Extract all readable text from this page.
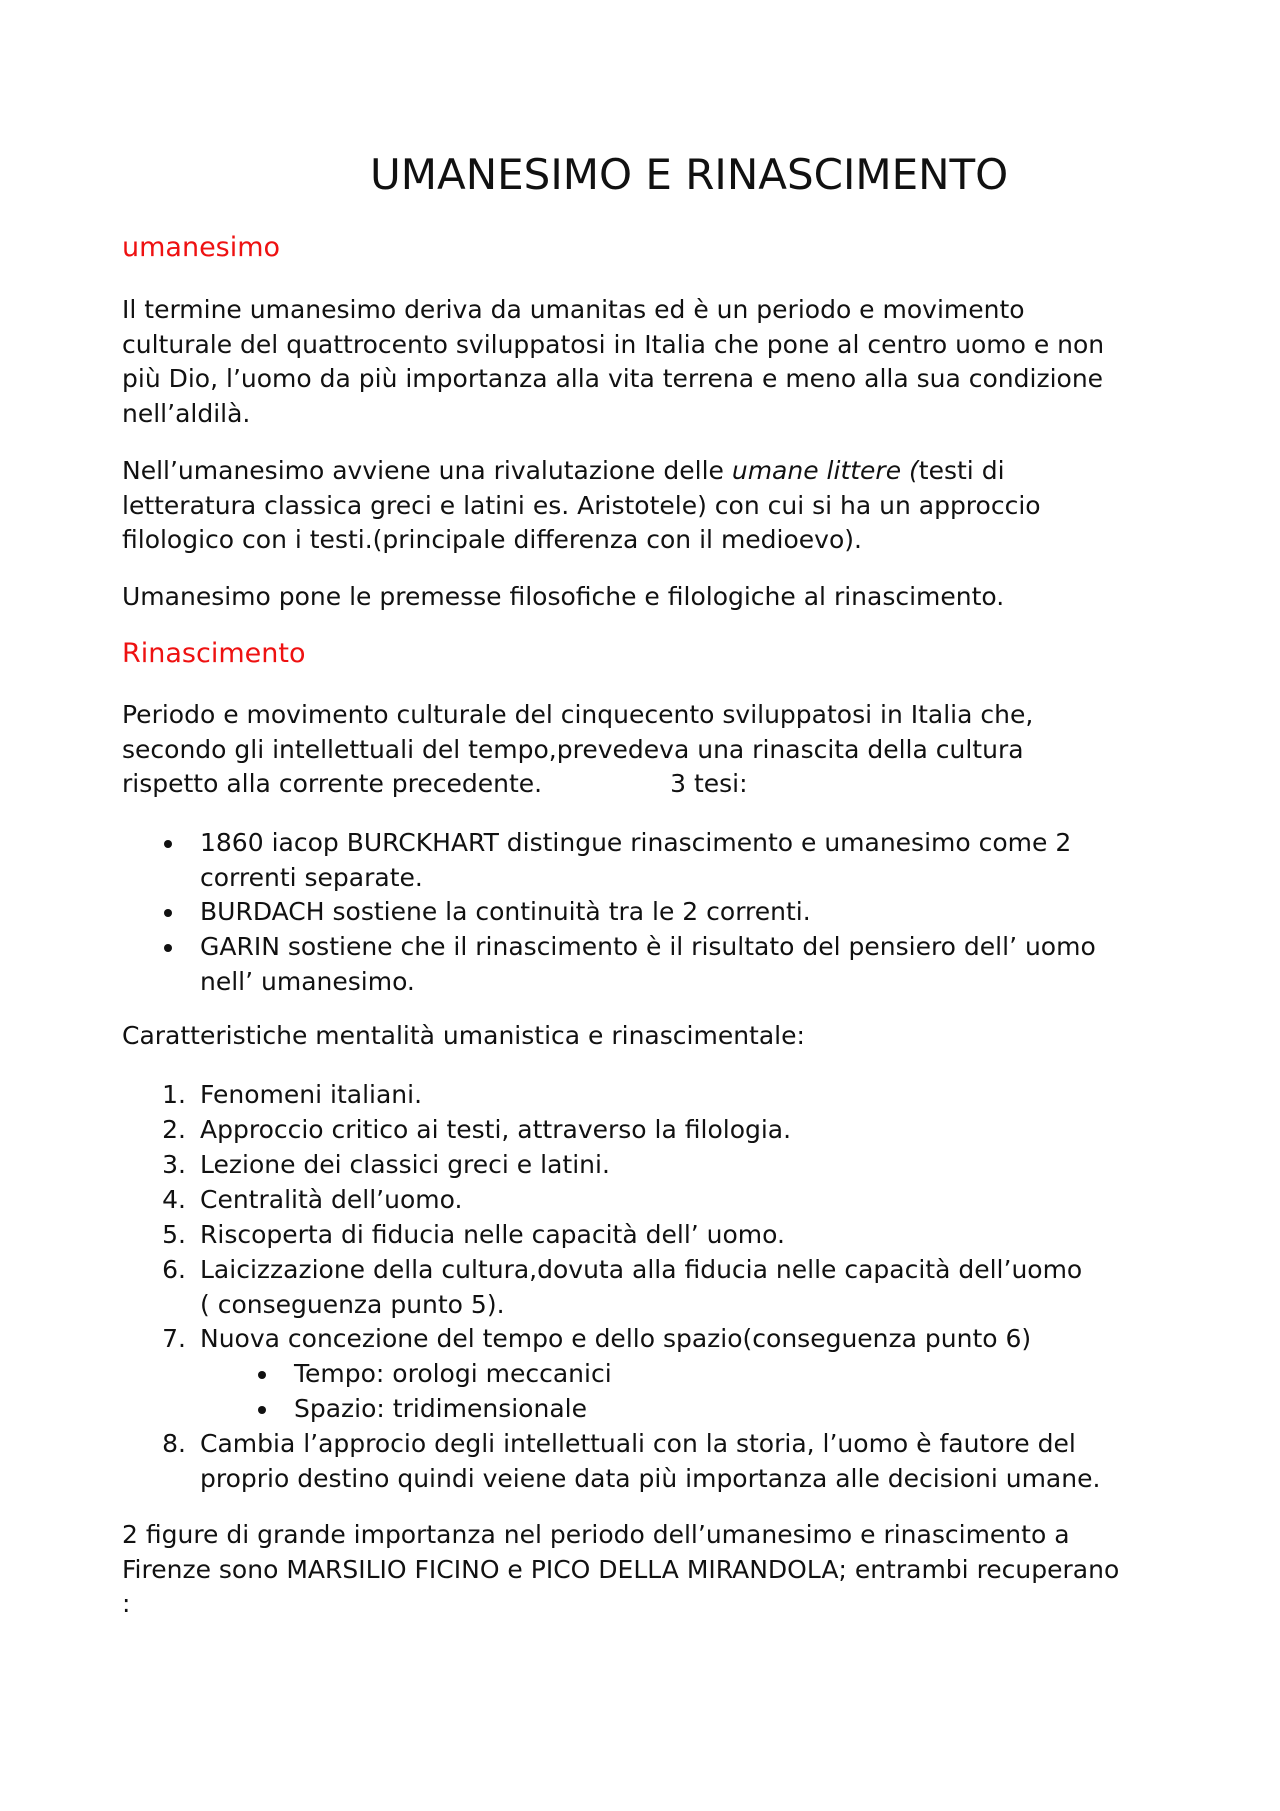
UMANESIMO E RINASCIMENTO
umanesimo
Il termine umanesimo deriva da umanitas ed è un periodo e movimento
culturale del quattrocento sviluppatosi in Italia che pone al centro uomo e non
più Dio, l’uomo da più importanza alla vita terrena e meno alla sua condizione
nell’aldilà.
Nell’umanesimo avviene una rivalutazione delle umane littere (testi di
letteratura classica greci e latini es. Aristotele) con cui si ha un approccio
filologico con i testi.(principale differenza con il medioevo).
Umanesimo pone le premesse filosofiche e filologiche al rinascimento.
Rinascimento
Periodo e movimento culturale del cinquecento sviluppatosi in Italia che,
secondo gli intellettuali del tempo,prevedeva una rinascita della cultura
rispetto alla corrente precedente.	3 tesi:
1860 iacop BURCKHART distingue rinascimento e umanesimo come 2
correnti separate.
BURDACH sostiene la continuità tra le 2 correnti.
GARIN sostiene che il rinascimento è il risultato del pensiero dell’ uomo
nell’ umanesimo.
Caratteristiche mentalità umanistica e rinascimentale:
1. Fenomeni italiani.
2. Approccio critico ai testi, attraverso la filologia.
3. Lezione dei classici greci e latini.
4. Centralità dell’uomo.
5. Riscoperta di fiducia nelle capacità dell’ uomo.
6. Laicizzazione della cultura,dovuta alla fiducia nelle capacità dell’uomo
( conseguenza punto 5).
7. Nuova concezione del tempo e dello spazio(conseguenza punto 6)
Tempo: orologi meccanici
Spazio: tridimensionale
8. Cambia l’approcio degli intellettuali con la storia, l’uomo è fautore del
proprio destino quindi veiene data più importanza alle decisioni umane.
2 figure di grande importanza nel periodo dell’umanesimo e rinascimento a
Firenze sono MARSILIO FICINO e PICO DELLA MIRANDOLA; entrambi recuperano
:
